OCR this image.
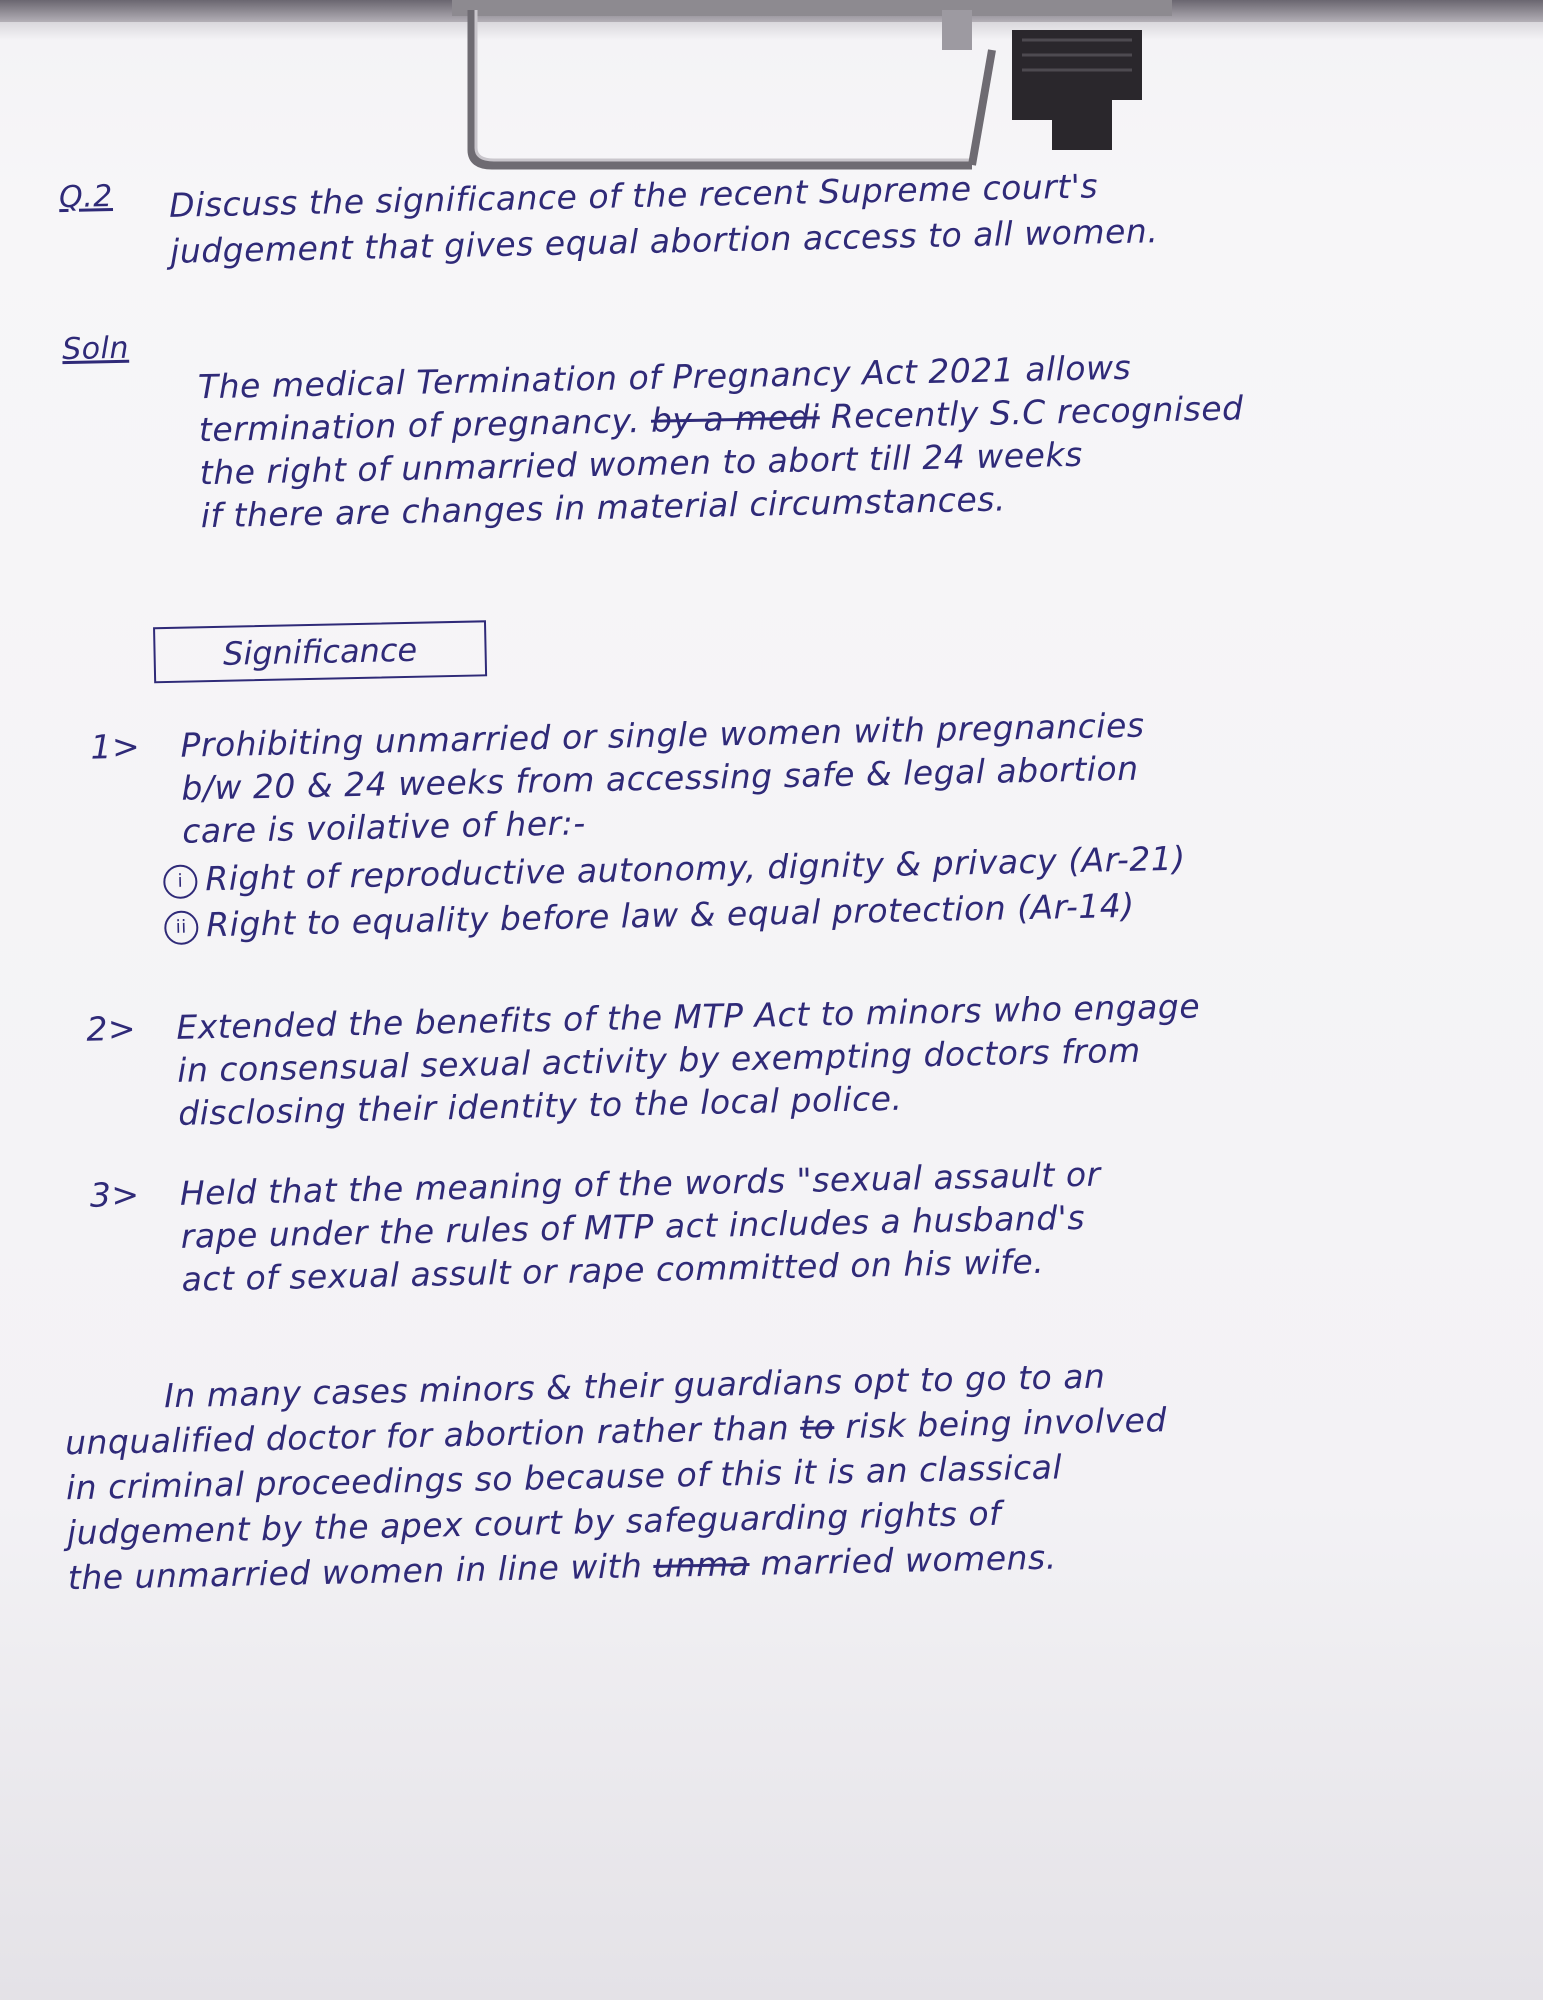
Q.2 Discuss the significance of the recent Supreme court's
judgement that gives equal abortion access to all women.
Soln The medical Termination of Pregnancy Act 2021 allows
termination of pregnancy. by a medi Recently S.C recognised
the right of unmarried women to abort till 24 weeks
if there are changes in material circumstances.
Significance
1> Prohibiting unmarried or single women with pregnancies
b/w 20 & 24 weeks from accessing safe & legal abortion
care is voilative of her:-
i Right of reproductive autonomy, dignity & privacy (Ar-21)
ii Right to equality before law & equal protection (Ar-14)
2> Extended the benefits of the MTP Act to minors who engage
in consensual sexual activity by exempting doctors from
disclosing their identity to the local police.
3> Held that the meaning of the words "sexual assault or
rape under the rules of MTP act includes a husband's
act of sexual assult or rape committed on his wife.
In many cases minors & their guardians opt to go to an
unqualified doctor for abortion rather than to risk being involved
in criminal proceedings so because of this it is an classical
judgement by the apex court by safeguarding rights of
the unmarried women in line with unma married womens.
